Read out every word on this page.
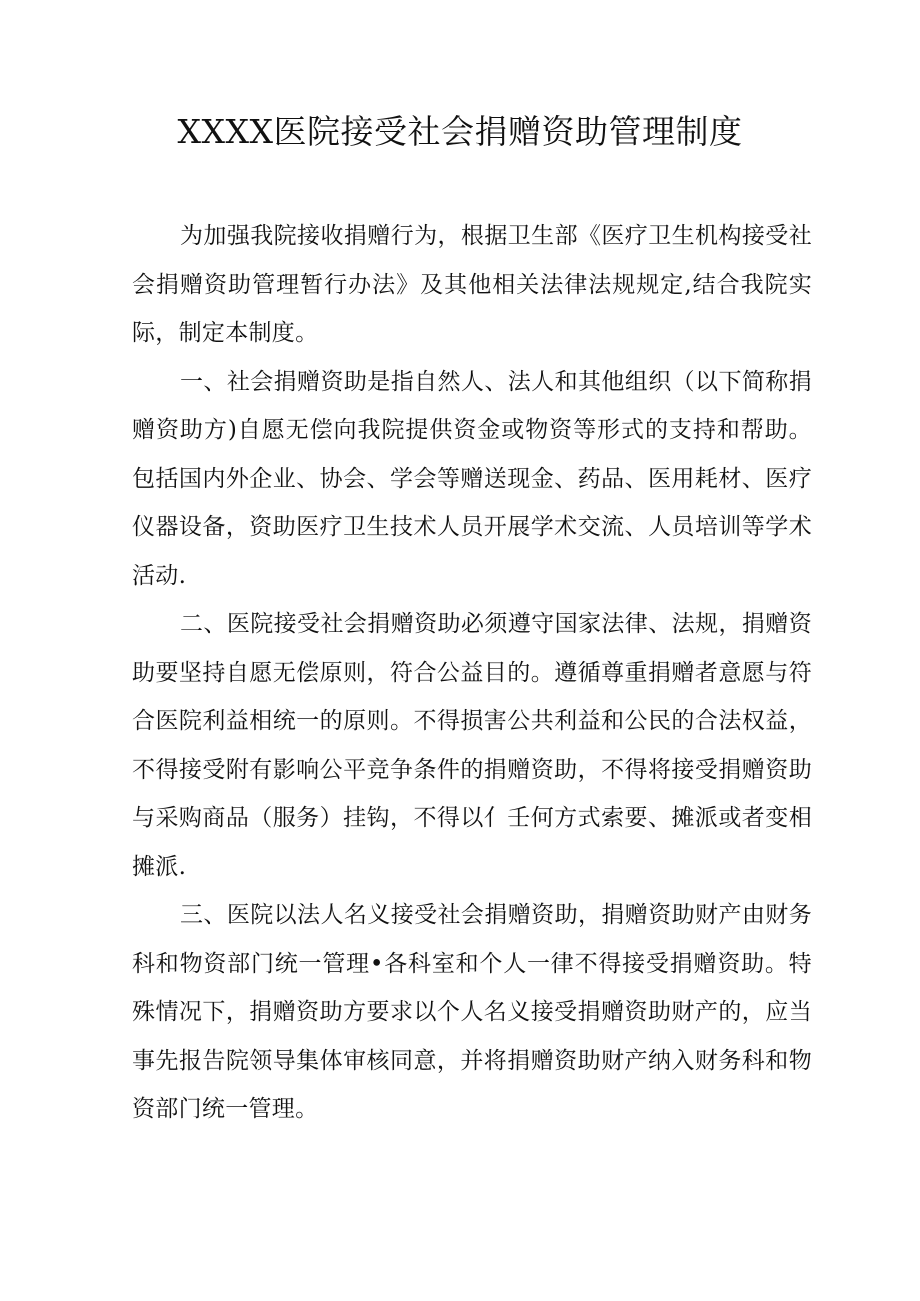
XXXX医院接受社会捐赠资助管理制度

为加强我院接收捐赠行为，根据卫生部《医疗卫生机构接受社会捐赠资助管理暂行办法》及其他相关法律法规规定,结合我院实际，制定本制度。

一、社会捐赠资助是指自然人、法人和其他组织（以下简称捐赠资助方)自愿无偿向我院提供资金或物资等形式的支持和帮助。包括国内外企业、协会、学会等赠送现金、药品、医用耗材、医疗仪器设备，资助医疗卫生技术人员开展学术交流、人员培训等学术活动.

二、医院接受社会捐赠资助必须遵守国家法律、法规，捐赠资助要坚持自愿无偿原则，符合公益目的。遵循尊重捐赠者意愿与符合医院利益相统一的原则。不得损害公共利益和公民的合法权益，不得接受附有影响公平竞争条件的捐赠资助，不得将接受捐赠资助与采购商品（服务）挂钩，不得以亻壬何方式索要、摊派或者变相摊派.

三、医院以法人名义接受社会捐赠资助，捐赠资助财产由财务科和物资部门统一管理•各科室和个人一律不得接受捐赠资助。特殊情况下，捐赠资助方要求以个人名义接受捐赠资助财产的，应当事先报告院领导集体审核同意，并将捐赠资助财产纳入财务科和物资部门统一管理。
